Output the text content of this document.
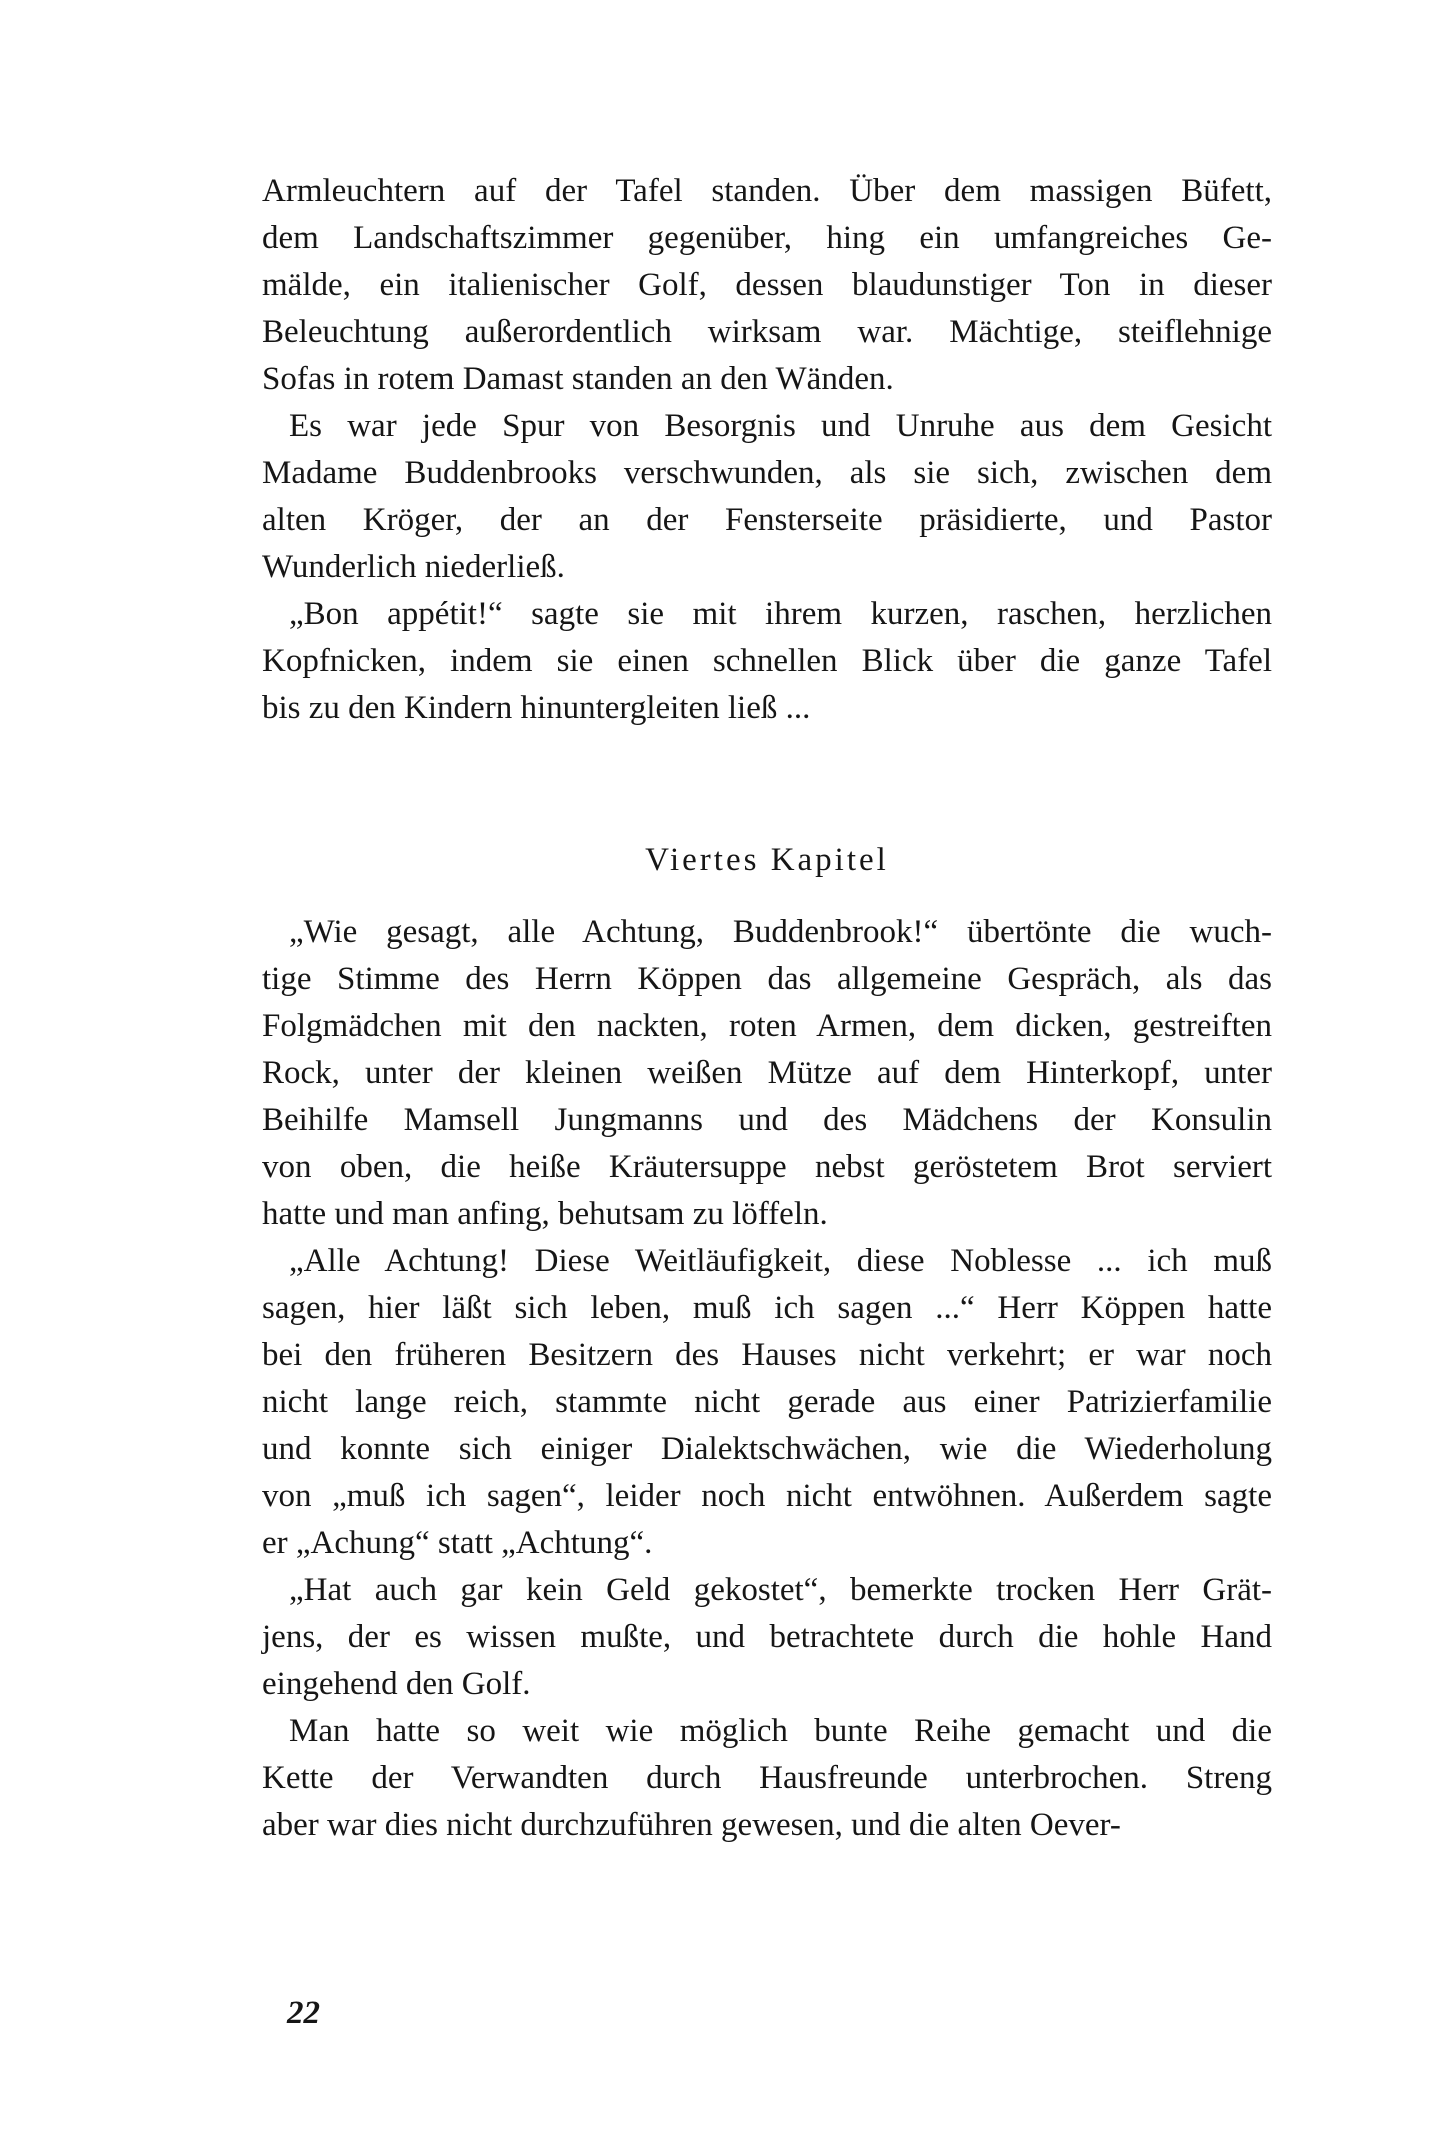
Armleuchtern auf der Tafel standen. Über dem massigen Büfett,
dem Landschaftszimmer gegenüber, hing ein umfangreiches Ge-
mälde, ein italienischer Golf, dessen blaudunstiger Ton in dieser
Beleuchtung außerordentlich wirksam war. Mächtige, steiflehnige
Sofas in rotem Damast standen an den Wänden.
Es war jede Spur von Besorgnis und Unruhe aus dem Gesicht
Madame Buddenbrooks verschwunden, als sie sich, zwischen dem
alten Kröger, der an der Fensterseite präsidierte, und Pastor
Wunderlich niederließ.
„Bon appétit!“ sagte sie mit ihrem kurzen, raschen, herzlichen
Kopfnicken, indem sie einen schnellen Blick über die ganze Tafel
bis zu den Kindern hinuntergleiten ließ ...
Viertes Kapitel
„Wie gesagt, alle Achtung, Buddenbrook!“ übertönte die wuch-
tige Stimme des Herrn Köppen das allgemeine Gespräch, als das
Folgmädchen mit den nackten, roten Armen, dem dicken, gestreiften
Rock, unter der kleinen weißen Mütze auf dem Hinterkopf, unter
Beihilfe Mamsell Jungmanns und des Mädchens der Konsulin
von oben, die heiße Kräutersuppe nebst geröstetem Brot serviert
hatte und man anfing, behutsam zu löffeln.
„Alle Achtung! Diese Weitläufigkeit, diese Noblesse ... ich muß
sagen, hier läßt sich leben, muß ich sagen ...“ Herr Köppen hatte
bei den früheren Besitzern des Hauses nicht verkehrt; er war noch
nicht lange reich, stammte nicht gerade aus einer Patrizierfamilie
und konnte sich einiger Dialektschwächen, wie die Wiederholung
von „muß ich sagen“, leider noch nicht entwöhnen. Außerdem sagte
er „Achung“ statt „Achtung“.
„Hat auch gar kein Geld gekostet“, bemerkte trocken Herr Grät-
jens, der es wissen mußte, und betrachtete durch die hohle Hand
eingehend den Golf.
Man hatte so weit wie möglich bunte Reihe gemacht und die
Kette der Verwandten durch Hausfreunde unterbrochen. Streng
aber war dies nicht durchzuführen gewesen, und die alten Oever-
22
